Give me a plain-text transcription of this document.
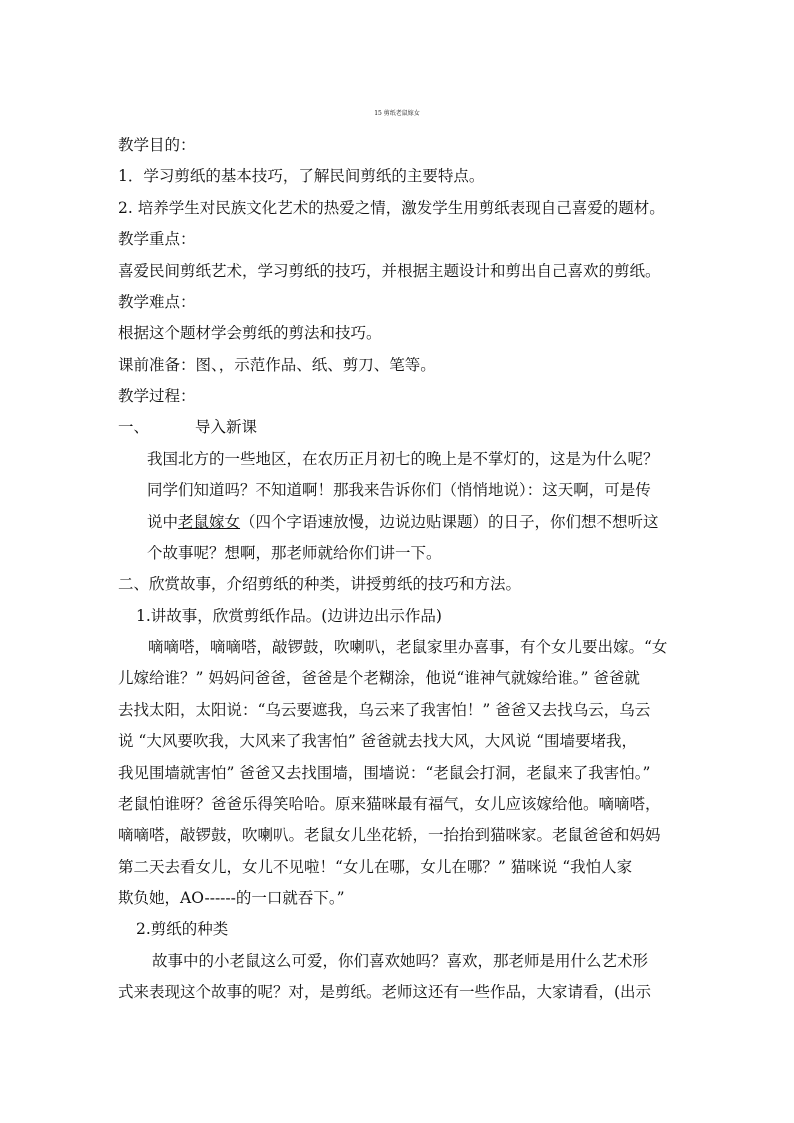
15 剪纸老鼠嫁女
教学目的：
1．学习剪纸的基本技巧，了解民间剪纸的主要特点。
2. 培养学生对民族文化艺术的热爱之情，激发学生用剪纸表现自己喜爱的题材。
教学重点：
喜爱民间剪纸艺术，学习剪纸的技巧，并根据主题设计和剪出自己喜欢的剪纸。
教学难点：
根据这个题材学会剪纸的剪法和技巧。
课前准备：图、，示范作品、纸、剪刀、笔等。
教学过程：
一、	导入新课
我国北方的一些地区，在农历正月初七的晚上是不掌灯的，这是为什么呢？
同学们知道吗？不知道啊！那我来告诉你们（悄悄地说）：这天啊，可是传
说中老鼠嫁女（四个字语速放慢，边说边贴课题）的日子，你们想不想听这
个故事呢？想啊，那老师就给你们讲一下。
二、欣赏故事，介绍剪纸的种类，讲授剪纸的技巧和方法。
1.讲故事，欣赏剪纸作品。(边讲边出示作品)
嘀嘀嗒，嘀嘀嗒，敲锣鼓，吹喇叭，老鼠家里办喜事，有个女儿要出嫁。“女
儿嫁给谁？” 妈妈问爸爸，爸爸是个老糊涂，他说“谁神气就嫁给谁。” 爸爸就
去找太阳，太阳说：“乌云要遮我，乌云来了我害怕！” 爸爸又去找乌云，乌云
说 “大风要吹我，大风来了我害怕” 爸爸就去找大风，大风说 “围墙要堵我，
我见围墙就害怕” 爸爸又去找围墙，围墙说：“老鼠会打洞，老鼠来了我害怕。”
老鼠怕谁呀？爸爸乐得笑哈哈。原来猫咪最有福气，女儿应该嫁给他。嘀嘀嗒，
嘀嘀嗒，敲锣鼓，吹喇叭。老鼠女儿坐花轿，一抬抬到猫咪家。老鼠爸爸和妈妈
第二天去看女儿，女儿不见啦！“女儿在哪，女儿在哪？” 猫咪说 “我怕人家
欺负她，AO------的一口就吞下。”
2.剪纸的种类
故事中的小老鼠这么可爱，你们喜欢她吗？喜欢，那老师是用什么艺术形
式来表现这个故事的呢？对，是剪纸。老师这还有一些作品，大家请看，(出示
